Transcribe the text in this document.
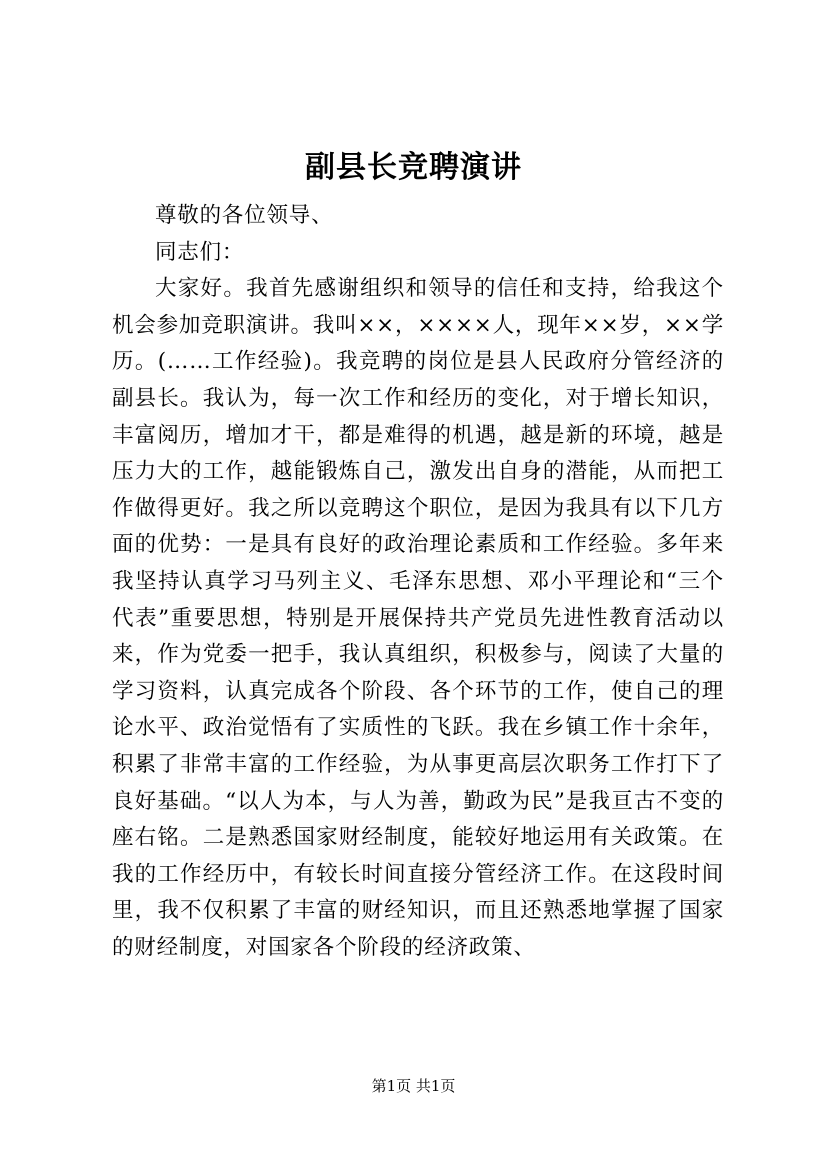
副县长竞聘演讲

尊敬的各位领导、

同志们：

大家好。我首先感谢组织和领导的信任和支持，给我这个机会参加竞职演讲。我叫××，××××人，现年××岁，××学历。(……工作经验)。我竞聘的岗位是县人民政府分管经济的副县长。我认为，每一次工作和经历的变化，对于增长知识，丰富阅历，增加才干，都是难得的机遇，越是新的环境，越是压力大的工作，越能锻炼自己，激发出自身的潜能，从而把工作做得更好。我之所以竞聘这个职位，是因为我具有以下几方面的优势：一是具有良好的政治理论素质和工作经验。多年来我坚持认真学习马列主义、毛泽东思想、邓小平理论和“三个代表”重要思想，特别是开展保持共产党员先进性教育活动以来，作为党委一把手，我认真组织，积极参与，阅读了大量的学习资料，认真完成各个阶段、各个环节的工作，使自己的理论水平、政治觉悟有了实质性的飞跃。我在乡镇工作十余年，积累了非常丰富的工作经验，为从事更高层次职务工作打下了良好基础。“以人为本，与人为善，勤政为民”是我亘古不变的座右铭。二是熟悉国家财经制度，能较好地运用有关政策。在我的工作经历中，有较长时间直接分管经济工作。在这段时间里，我不仅积累了丰富的财经知识，而且还熟悉地掌握了国家的财经制度，对国家各个阶段的经济政策、

第1页 共1页
